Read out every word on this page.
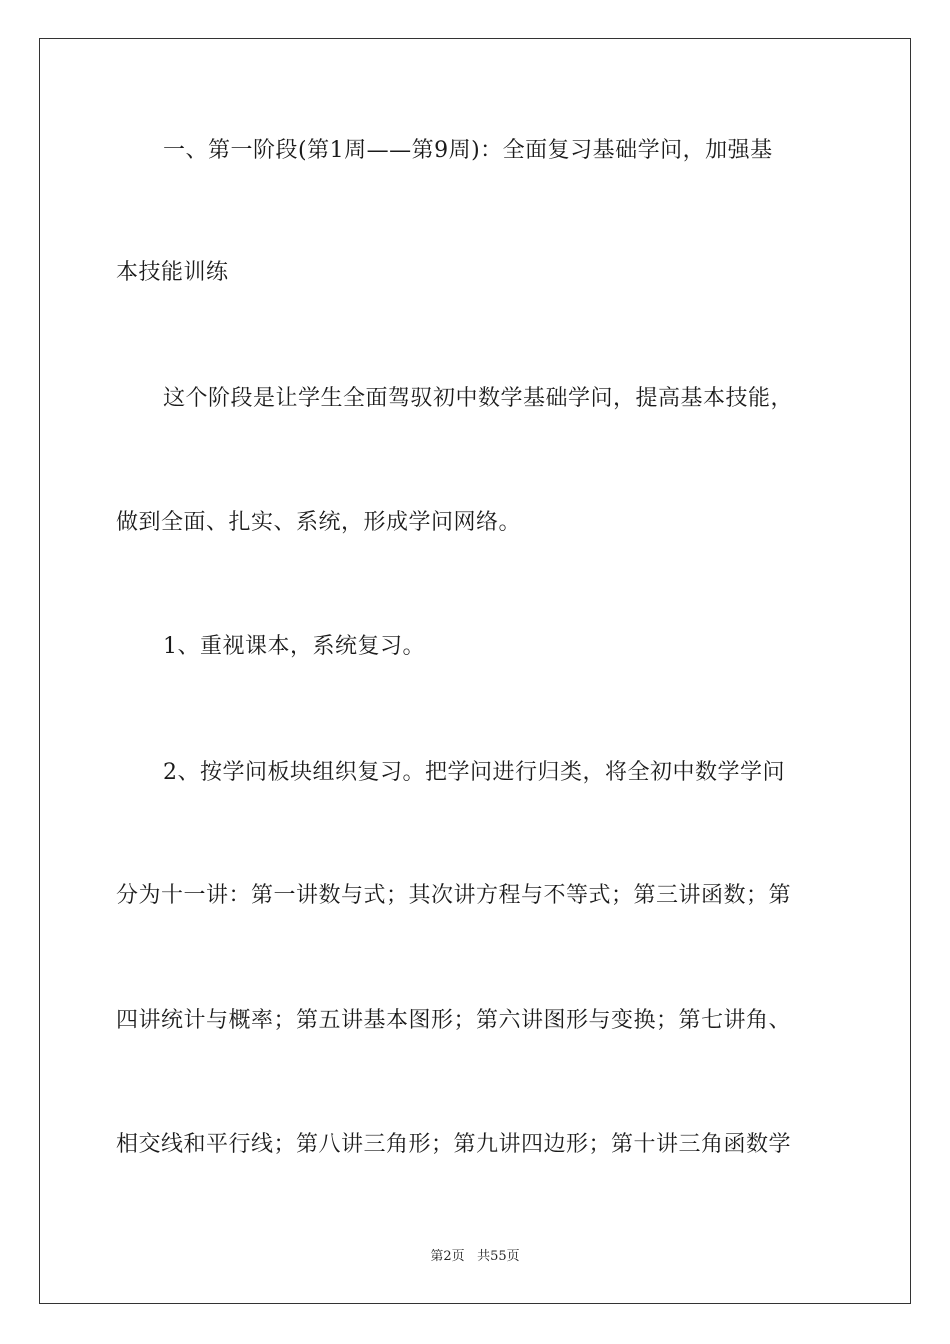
一、第一阶段(第1周——第9周)：全面复习基础学问，加强基
本技能训练
这个阶段是让学生全面驾驭初中数学基础学问，提高基本技能，
做到全面、扎实、系统，形成学问网络。
1、重视课本，系统复习。
2、按学问板块组织复习。把学问进行归类，将全初中数学学问
分为十一讲：第一讲数与式；其次讲方程与不等式；第三讲函数；第
四讲统计与概率；第五讲基本图形；第六讲图形与变换；第七讲角、
相交线和平行线；第八讲三角形；第九讲四边形；第十讲三角函数学
第2页 共55页
